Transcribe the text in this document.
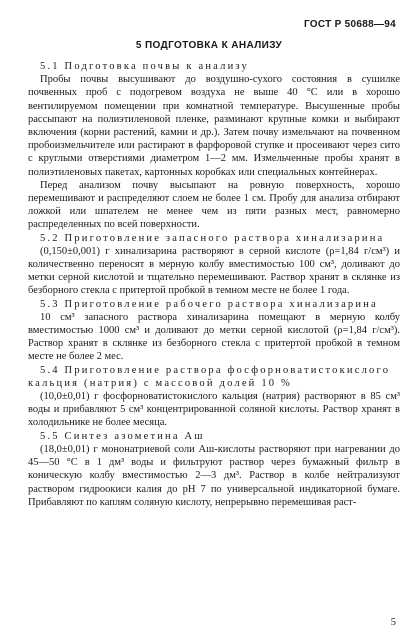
ГОСТ Р 50688—94
5 ПОДГОТОВКА К АНАЛИЗУ

5.1 Подготовка почвы к анализу

Пробы почвы высушивают до воздушно-сухого состояния в сушилке почвенных проб с подогревом воздуха не выше 40 °С или в хорошо вентилируемом помещении при комнатной температуре. Высушенные пробы рассыпают на полиэтиленовой пленке, разминают крупные комки и выбирают включения (корни растений, камни и др.). Затем почву измельчают на почвенном пробоизмельчителе или растирают в фарфоровой ступке и просеивают через сито с круглыми отверстиями диаметром 1—2 мм. Измельченные пробы хранят в полиэтиленовых пакетах, картонных коробках или специальных контейнерах.

Перед анализом почву высыпают на ровную поверхность, хорошо перемешивают и распределяют слоем не более 1 см. Пробу для анализа отбирают ложкой или шпателем не менее чем из пяти разных мест, равномерно распределенных по всей поверхности.

5.2 Приготовление запасного раствора хинализарина

(0,150±0,001) г хинализарина растворяют в серной кислоте (ρ=1,84 г/см³) и количественно переносят в мерную колбу вместимостью 100 см³, доливают до метки серной кислотой и тщательно перемешивают. Раствор хранят в склянке из безборного стекла с притертой пробкой в темном месте не более 1 года.

5.3 Приготовление рабочего раствора хинализарина

10 см³ запасного раствора хинализарина помещают в мерную колбу вместимостью 1000 см³ и доливают до метки серной кислотой (ρ=1,84 г/см³). Раствор хранят в склянке из безборного стекла с притертой пробкой в темном месте не более 2 мес.

5.4 Приготовление раствора фосфорноватистокислого кальция (натрия) с массовой долей 10 %

(10,0±0,01) г фосфорноватистокислого кальция (натрия) растворяют в 85 см³ воды и прибавляют 5 см³ концентрированной соляной кислоты. Раствор хранят в холодильнике не более месяца.

5.5 Синтез азометина Аш

(18,0±0,01) г мононатриевой соли Аш-кислоты растворяют при нагревании до 45—50 °С в 1 дм³ воды и фильтруют раствор через бумажный фильтр в коническую колбу вместимостью 2—3 дм³. Раствор в колбе нейтрализуют раствором гидроокиси калия до рН 7 по универсальной индикаторной бумаге. Прибавляют по каплям соляную кислоту, непрерывно перемешивая раст-

5
